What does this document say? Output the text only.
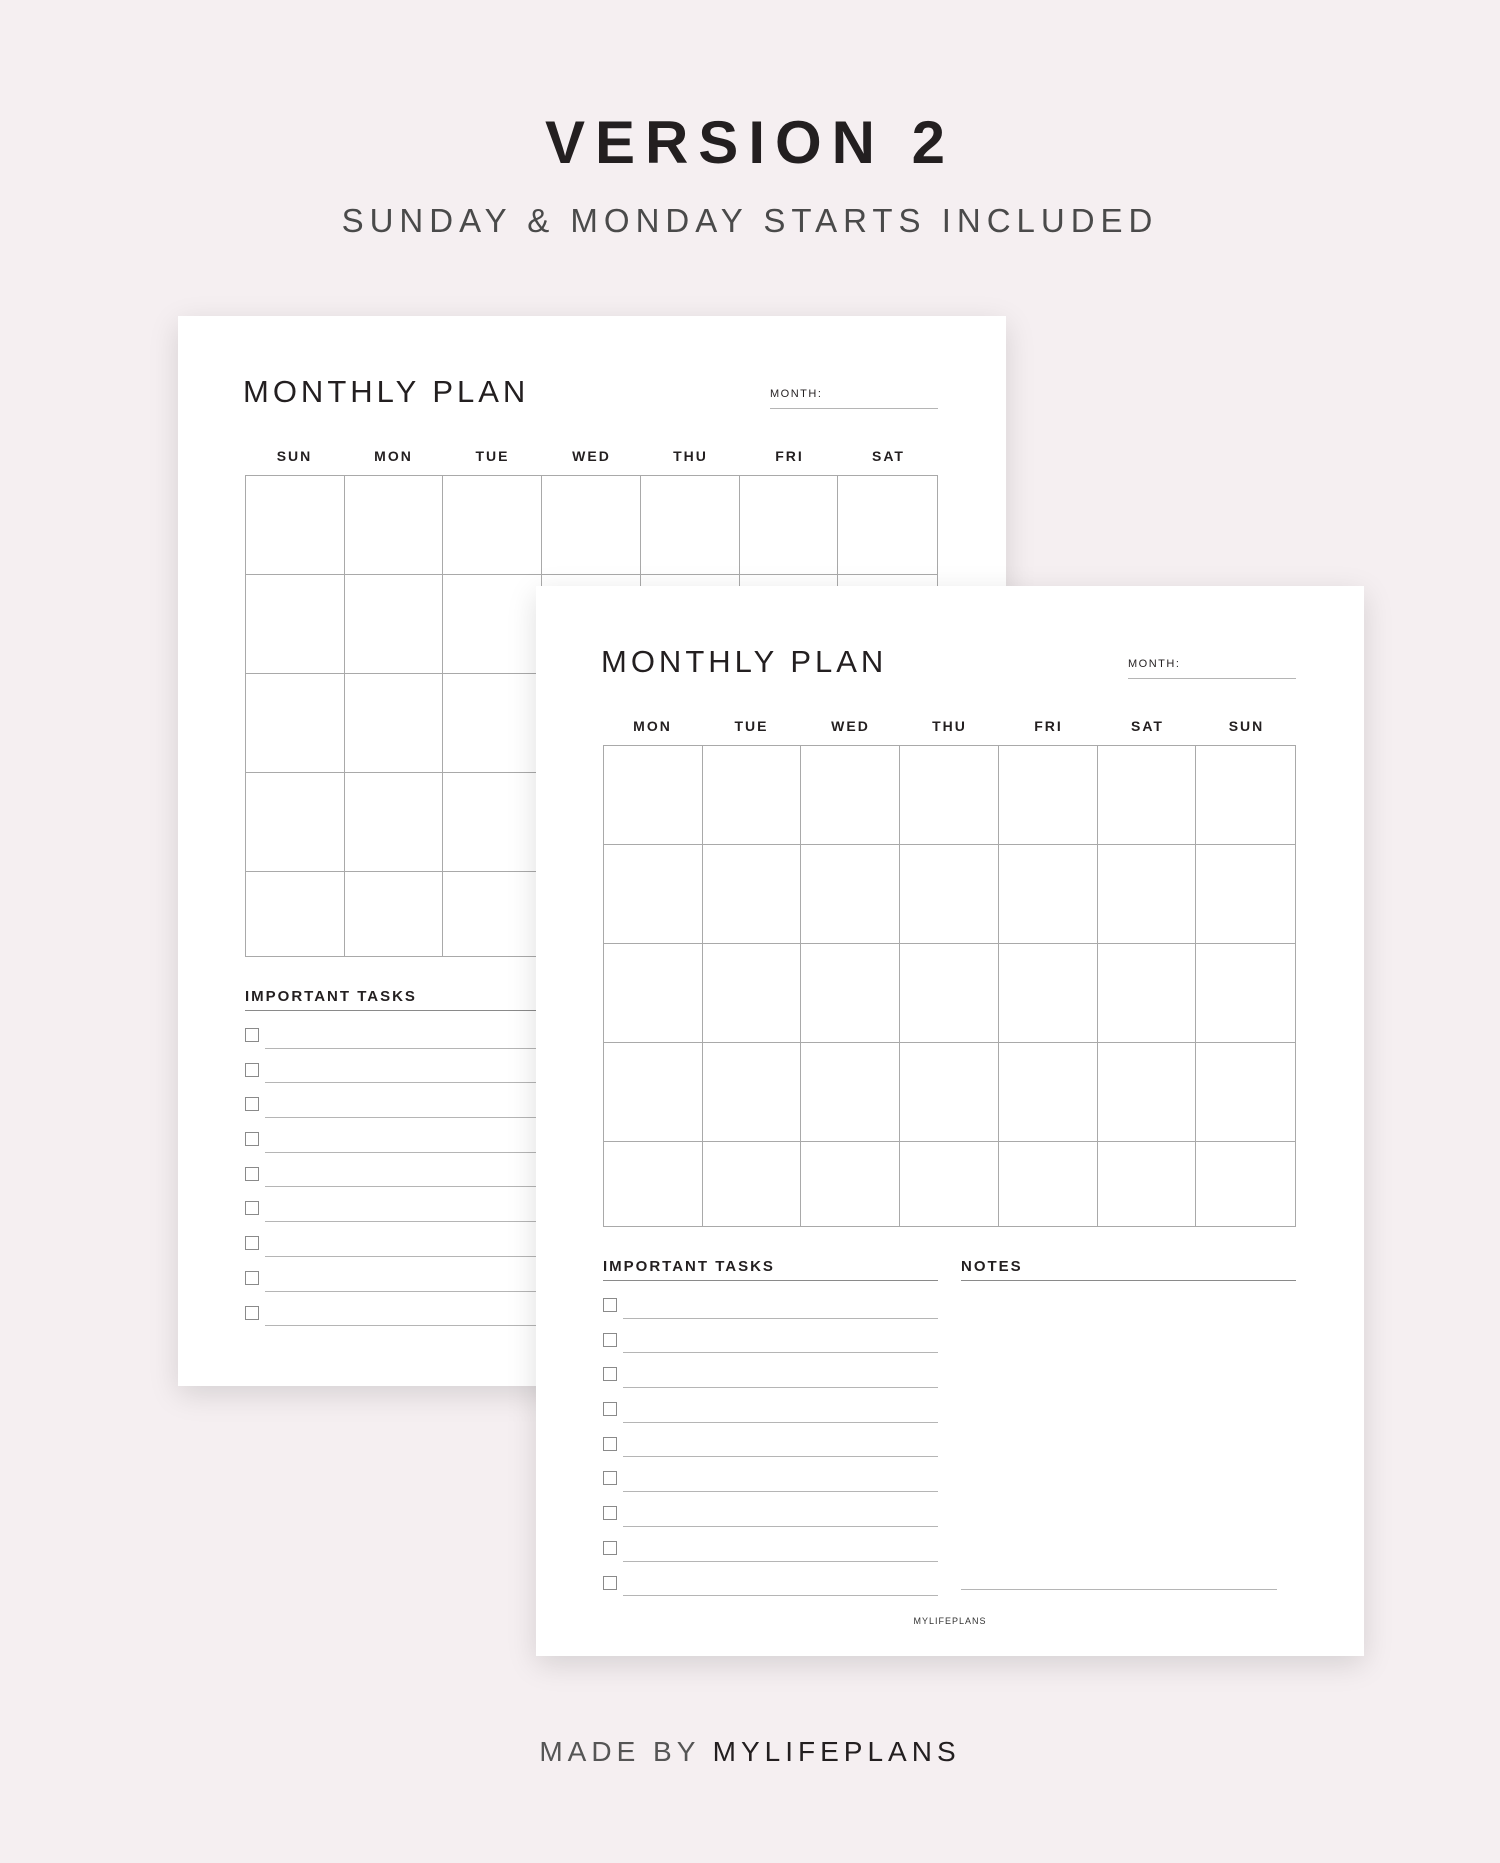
VERSION 2
SUNDAY & MONDAY STARTS INCLUDED
MONTHLY PLAN	MONTH:
SUN	MON	TUE	WED	THU	FRI	SAT
IMPORTANT TASKS
MONTHLY PLAN	MONTH:
MON	TUE	WED	THU	FRI	SAT	SUN
IMPORTANT TASKS	NOTES
MYLIFEPLANS
MADE BY MYLIFEPLANS
